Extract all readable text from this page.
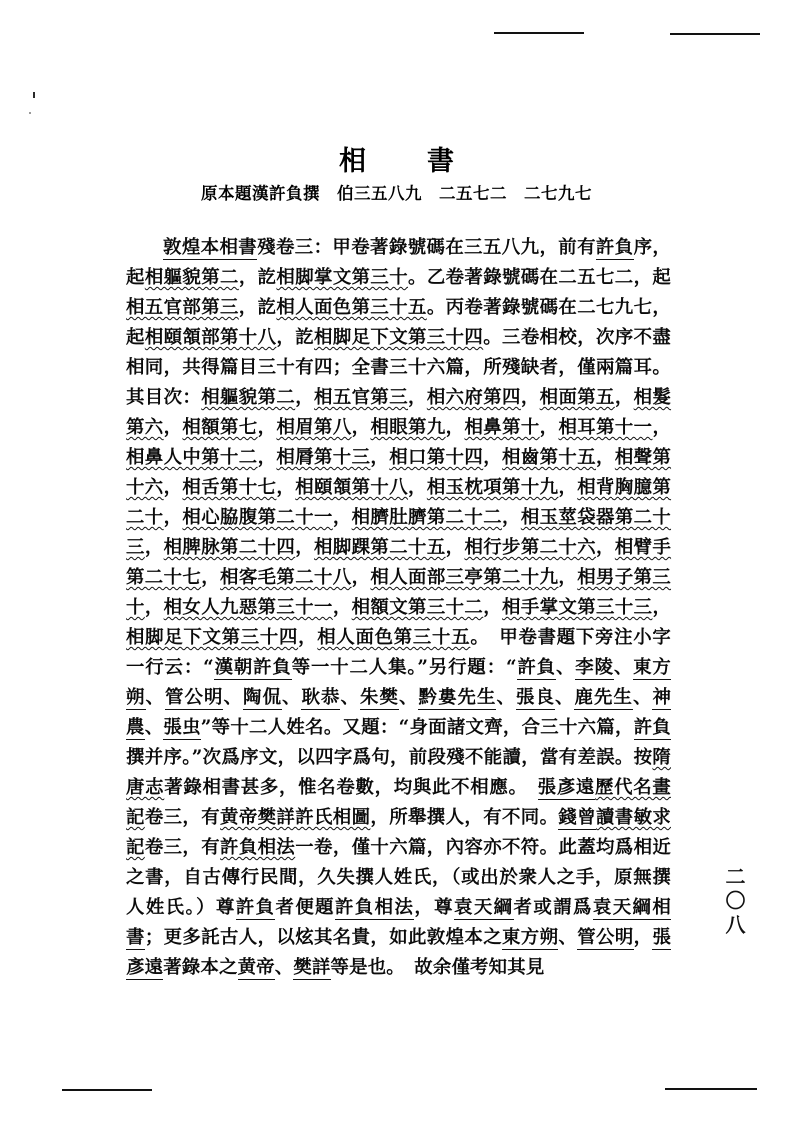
相　書
原本題漢許負撰　伯三五八九　二五七二　二七九七

敦煌本相書殘卷三：甲卷著錄號碼在三五八九，前有許負序，起相軀貌第二，訖相脚掌文第三十。乙卷著錄號碼在二五七二，起相五官部第三，訖相人面色第三十五。丙卷著錄號碼在二七九七，起相頤頷部第十八，訖相脚足下文第三十四。三卷相校，次序不盡相同，共得篇目三十有四；全書三十六篇，所殘缺者，僅兩篇耳。其目次：相軀貌第二，相五官第三，相六府第四，相面第五，相髮第六，相額第七，相眉第八，相眼第九，相鼻第十，相耳第十一，相鼻人中第十二，相脣第十三，相口第十四，相齒第十五，相聲第十六，相舌第十七，相頤頷第十八，相玉枕項第十九，相背胸臆第二十，相心脇腹第二十一，相臍肚臍第二十二，相玉莖袋器第二十三，相脾脉第二十四，相脚踝第二十五，相行步第二十六，相臂手第二十七，相客毛第二十八，相人面部三亭第二十九，相男子第三十，相女人九惡第三十一，相額文第三十二，相手掌文第三十三，相脚足下文第三十四，相人面色第三十五。　甲卷書題下旁注小字一行云：“漢朝許負等一十二人集。”另行題：“許負、李陵、東方朔、管公明、陶侃、耿恭、朱樊、黔婁先生、張良、鹿先生、神農、張虫”等十二人姓名。又題：“身面諸文齊，合三十六篇，許負撰并序。”次爲序文，以四字爲句，前段殘不能讀，當有差誤。按隋唐志著錄相書甚多，惟名卷數，均與此不相應。　張彥遠歷代名畫記卷三，有黄帝樊詳許氏相圖，所舉撰人，有不同。錢曾讀書敏求記卷三，有許負相法一卷，僅十六篇，內容亦不符。此蓋均爲相近之書，自古傳行民間，久失撰人姓氏，（或出於衆人之手，原無撰人姓氏。）尊許負者便題許負相法，尊袁天綱者或謂爲袁天綱相書；更多託古人，以炫其名貴，如此敦煌本之東方朔、管公明，張彥遠著錄本之黄帝、樊詳等是也。　故余僅考知其見

二〇八
